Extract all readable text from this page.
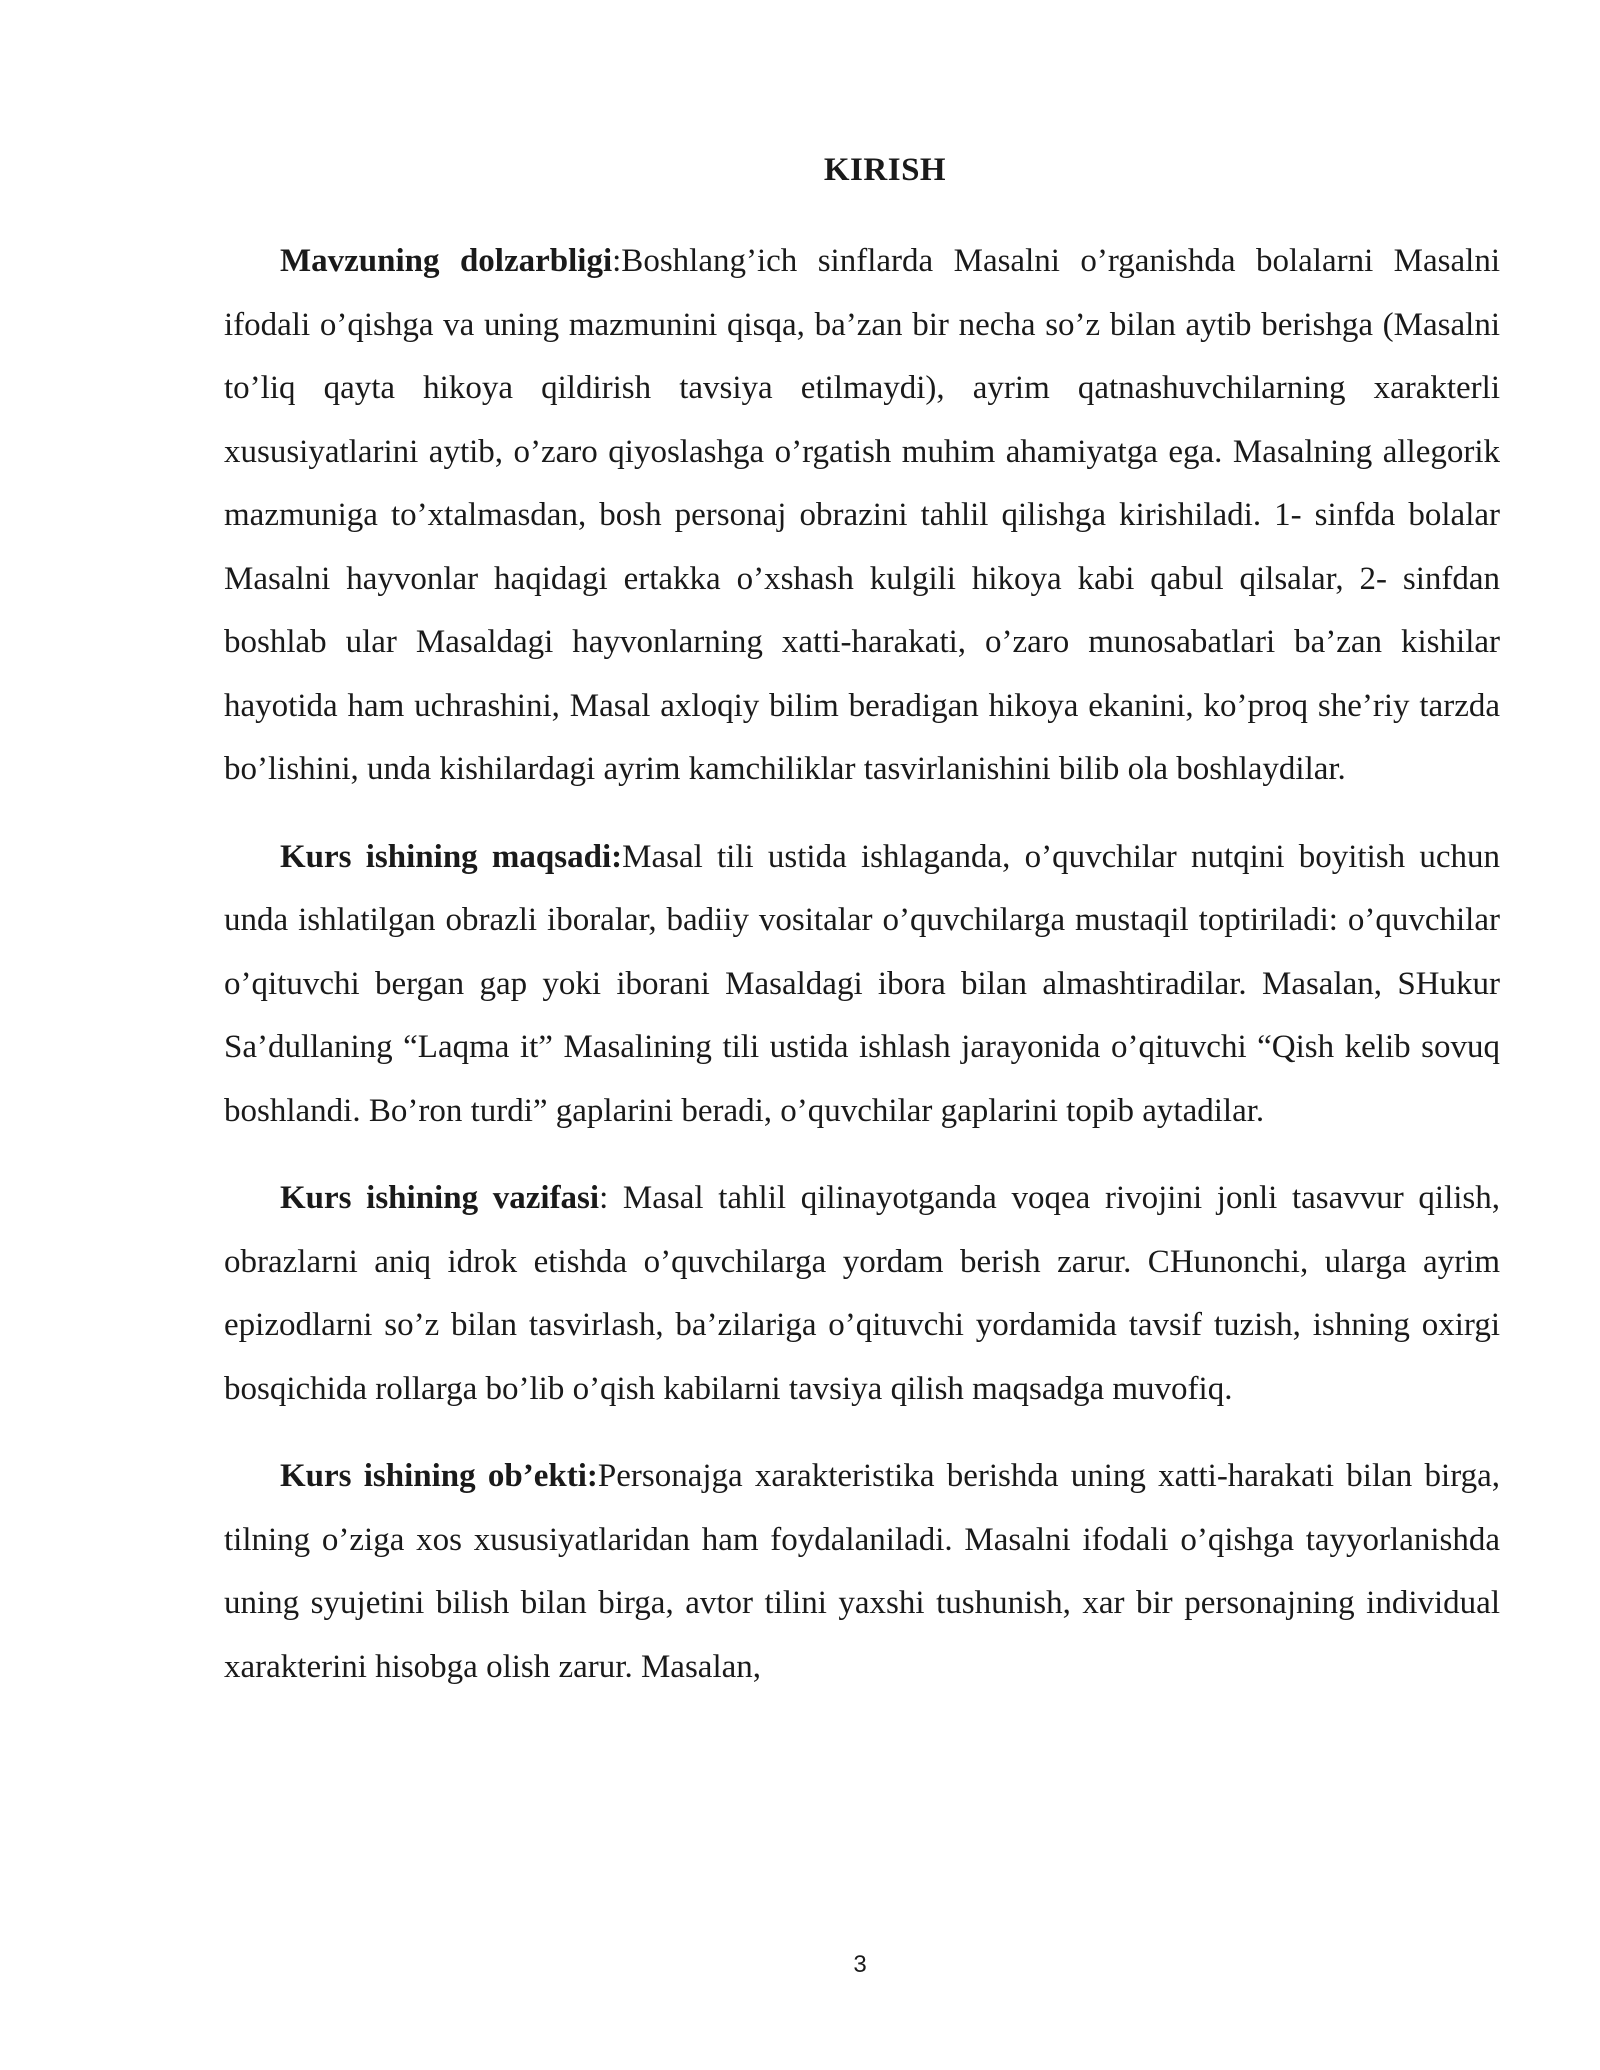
KIRISH

Mavzuning dolzarbligi:Boshlang’ich sinflarda Masalni o’rganishda bolalarni Masalni ifodali o’qishga va uning mazmunini qisqa, ba’zan bir necha so’z bilan aytib berishga (Masalni to’liq qayta hikoya qildirish tavsiya etilmaydi), ayrim qatnashuvchilarning xarakterli xususiyatlarini aytib, o’zaro qiyoslashga o’rgatish muhim ahamiyatga ega. Masalning allegorik mazmuniga to’xtalmasdan, bosh personaj obrazini tahlil qilishga kirishiladi. 1- sinfda bolalar Masalni hayvonlar haqidagi ertakka o’xshash kulgili hikoya kabi qabul qilsalar, 2- sinfdan boshlab ular Masaldagi hayvonlarning xatti-harakati, o’zaro munosabatlari ba’zan kishilar hayotida ham uchrashini, Masal axloqiy bilim beradigan hikoya ekanini, ko’proq she’riy tarzda bo’lishini, unda kishilardagi ayrim kamchiliklar tasvirlanishini bilib ola boshlaydilar.

Kurs ishining maqsadi:Masal tili ustida ishlaganda, o’quvchilar nutqini boyitish uchun unda ishlatilgan obrazli iboralar, badiiy vositalar o’quvchilarga mustaqil toptiriladi: o’quvchilar o’qituvchi bergan gap yoki iborani Masaldagi ibora bilan almashtiradilar. Masalan, SHukur Sa’dullaning “Laqma it” Masalining tili ustida ishlash jarayonida o’qituvchi “Qish kelib sovuq boshlandi. Bo’ron turdi” gaplarini beradi, o’quvchilar gaplarini topib aytadilar.

Kurs ishining vazifasi: Masal tahlil qilinayotganda voqea rivojini jonli tasavvur qilish, obrazlarni aniq idrok etishda o’quvchilarga yordam berish zarur. CHunonchi, ularga ayrim epizodlarni so’z bilan tasvirlash, ba’zilariga o’qituvchi yordamida tavsif tuzish, ishning oxirgi bosqichida rollarga bo’lib o’qish kabilarni tavsiya qilish maqsadga muvofiq.

Kurs ishining ob’ekti:Personajga xarakteristika berishda uning xatti-harakati bilan birga, tilning o’ziga xos xususiyatlaridan ham foydalaniladi. Masalni ifodali o’qishga tayyorlanishda uning syujetini bilish bilan birga, avtor tilini yaxshi tushunish, xar bir personajning individual xarakterini hisobga olish zarur. Masalan,

3
